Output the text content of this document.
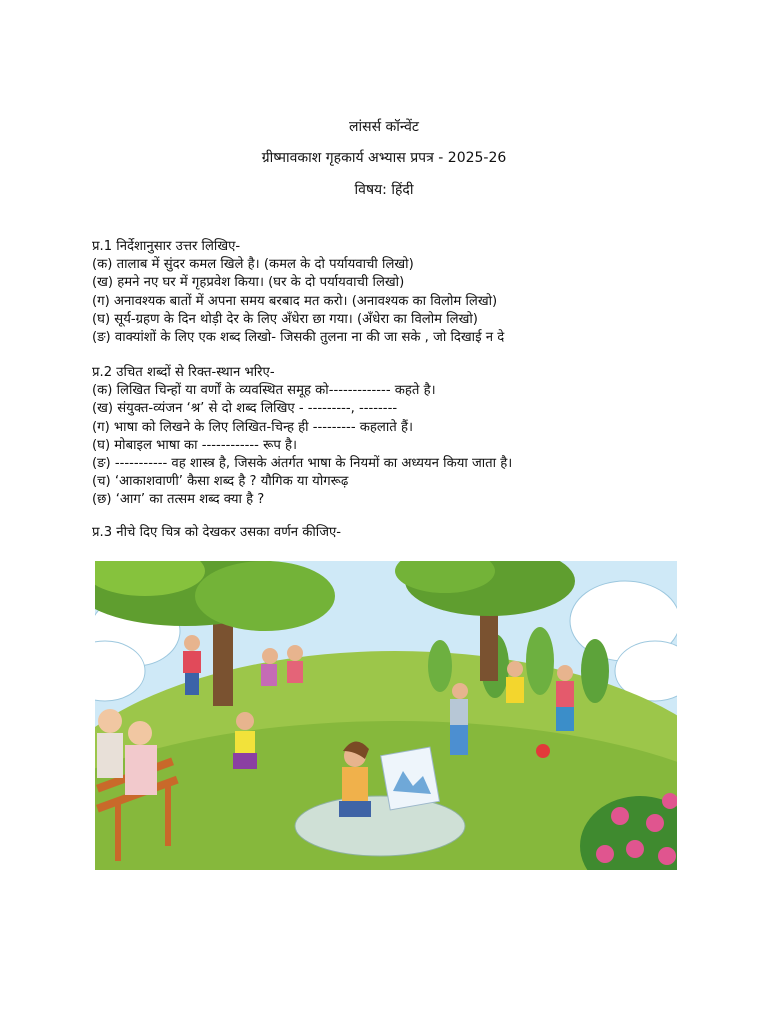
लांसर्स कॉन्वेंट
ग्रीष्मावकाश गृहकार्य अभ्यास प्रपत्र - 2025-26
विषय: हिंदी
प्र.1 निर्देशानुसार उत्तर लिखिए-
(क) तालाब में सुंदर कमल खिले है। (कमल के दो पर्यायवाची लिखो)
(ख) हमने नए घर में गृहप्रवेश किया। (घर के दो पर्यायवाची लिखो)
(ग) अनावश्यक बातों में अपना समय बरबाद मत करो। (अनावश्यक का विलोम लिखो)
(घ) सूर्य-ग्रहण के दिन थोड़ी देर के लिए अँधेरा छा गया। (अँधेरा का विलोम लिखो)
(ङ) वाक्यांशों के लिए एक शब्द लिखो- जिसकी तुलना ना की जा सके , जो दिखाई न दे
प्र.2 उचित शब्दों से रिक्त-स्थान भरिए-
(क) लिखित चिन्हों या वर्णों के व्यवस्थित समूह को------------- कहते है।
(ख) संयुक्त-व्यंजन ‘श्र’ से दो शब्द लिखिए - ---------, --------
(ग) भाषा को लिखने के लिए लिखित-चिन्ह ही --------- कहलाते हैं।
(घ) मोबाइल भाषा का ------------ रूप है।
(ङ) ----------- वह शास्त्र है, जिसके अंतर्गत भाषा के नियमों का अध्ययन किया जाता है।
(च) ‘आकाशवाणी’ कैसा शब्द है ? यौगिक या योगरूढ़
(छ) ‘आग’ का तत्सम शब्द क्या है ?
प्र.3 नीचे दिए चित्र को देखकर उसका वर्णन कीजिए-
